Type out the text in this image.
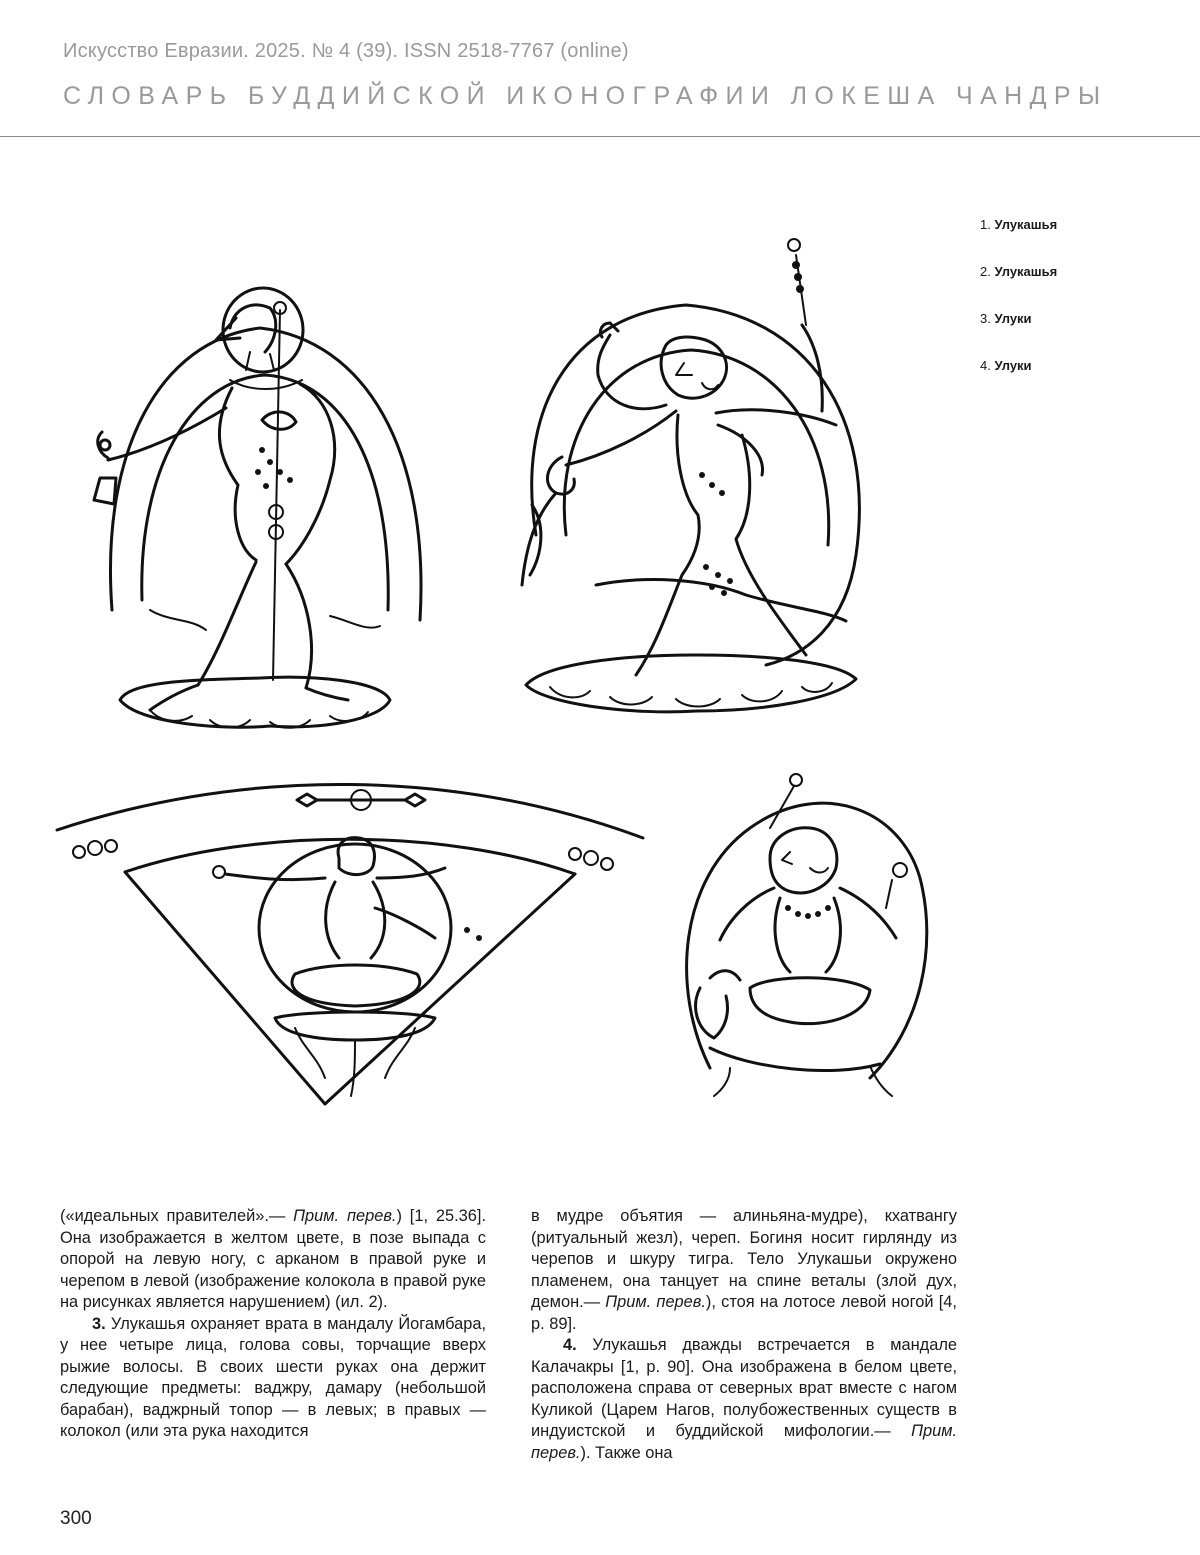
Искусство Евразии. 2025. № 4 (39). ISSN 2518-7767 (online)
СЛОВАРЬ БУДДИЙСКОЙ ИКОНОГРАФИИ ЛОКЕША ЧАНДРЫ
1. Улукашья
2. Улукашья
3. Улуки
4. Улуки

(«идеальных правителей».— Прим. перев.) [1, 25.36]. Она изображается в желтом цвете, в позе выпада с опорой на левую ногу, с арканом в правой руке и черепом в левой (изображение колокола в правой руке на рисунках является нарушением) (ил. 2).

3. Улукашья охраняет врата в мандалу Йогамбара, у нее четыре лица, голова совы, торчащие вверх рыжие волосы. В своих шести руках она держит следующие предметы: ваджру, дамару (небольшой барабан), ваджрный топор — в левых; в правых — колокол (или эта рука находится

в мудре объятия — алиньяна-мудре), кхатвангу (ритуальный жезл), череп. Богиня носит гирлянду из черепов и шкуру тигра. Тело Улукашьи окружено пламенем, она танцует на спине веталы (злой дух, демон.— Прим. перев.), стоя на лотосе левой ногой [4, p. 89].

4. Улукашья дважды встречается в мандале Калачакры [1, p. 90]. Она изображена в белом цвете, расположена справа от северных врат вместе с нагом Куликой (Царем Нагов, полубожественных существ в индуистской и буддийской мифологии.— Прим. перев.). Также она

300
